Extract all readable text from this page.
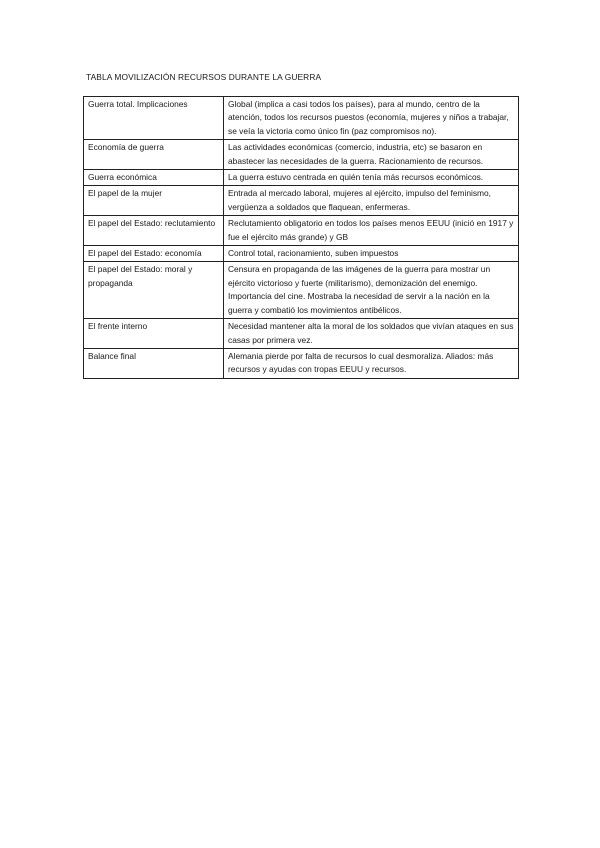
TABLA MOVILIZACIÓN RECURSOS DURANTE LA GUERRA
Guerra total. Implicaciones	Global (implica a casi todos los países), para al mundo, centro de la atención, todos los recursos puestos (economía, mujeres y niños a trabajar, se veía la victoria como único fin (paz compromisos no).
Economía de guerra	Las actividades económicas (comercio, industria, etc) se basaron en abastecer las necesidades de la guerra. Racionamiento de recursos.
Guerra económica	La guerra estuvo centrada en quién tenía más recursos económicos.
El papel de la mujer	Entrada al mercado laboral, mujeres al ejército, impulso del feminismo, vergüenza a soldados que flaquean, enfermeras.
El papel del Estado: reclutamiento	Reclutamiento obligatorio en todos los países menos EEUU (inició en 1917 y fue el ejército más grande) y GB
El papel del Estado: economía	Control total, racionamiento, suben impuestos
El papel del Estado: moral y propaganda	Censura en propaganda de las imágenes de la guerra para mostrar un ejército victorioso y fuerte (militarismo), demonización del enemigo. Importancia del cine. Mostraba la necesidad de servir a la nación en la guerra y combatió los movimientos antibélicos.
El frente interno	Necesidad mantener alta la moral de los soldados que vivían ataques en sus casas por primera vez.
Balance final	Alemania pierde por falta de recursos lo cual desmoraliza. Aliados: más recursos y ayudas con tropas EEUU y recursos.
